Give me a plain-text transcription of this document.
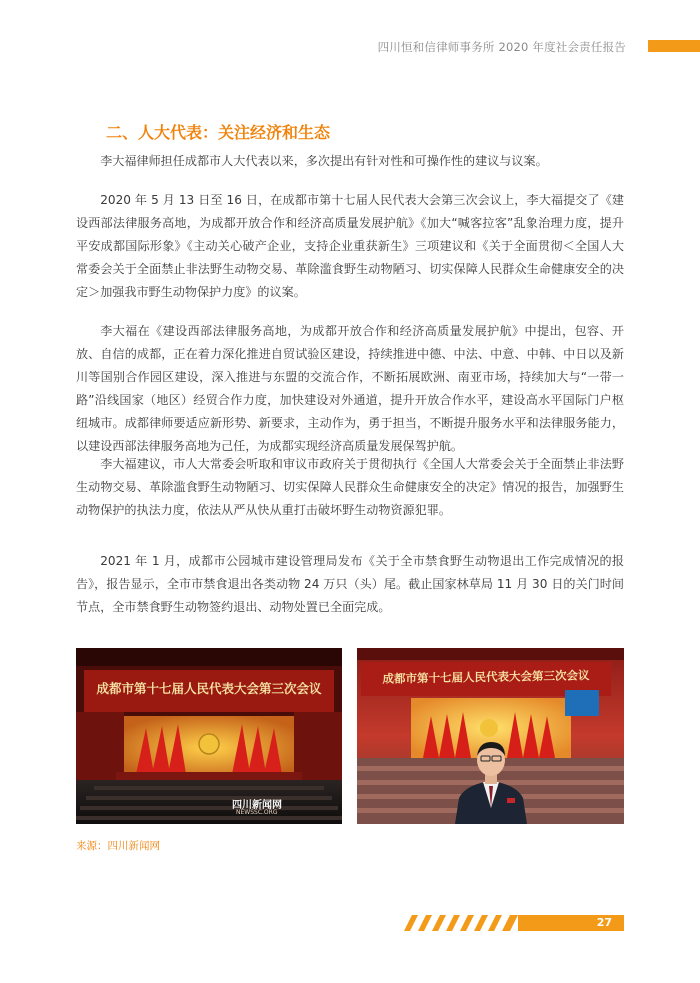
四川恒和信律师事务所 2020 年度社会责任报告
二、人大代表：关注经济和生态

李大福律师担任成都市人大代表以来，多次提出有针对性和可操作性的建议与议案。

2020 年 5 月 13 日至 16 日，在成都市第十七届人民代表大会第三次会议上，李大福提交了《建设西部法律服务高地，为成都开放合作和经济高质量发展护航》《加大“喊客拉客”乱象治理力度，提升平安成都国际形象》《主动关心破产企业，支持企业重获新生》三项建议和《关于全面贯彻＜全国人大常委会关于全面禁止非法野生动物交易、革除滥食野生动物陋习、切实保障人民群众生命健康安全的决定＞加强我市野生动物保护力度》的议案。

李大福在《建设西部法律服务高地，为成都开放合作和经济高质量发展护航》中提出，包容、开放、自信的成都，正在着力深化推进自贸试验区建设，持续推进中德、中法、中意、中韩、中日以及新川等国别合作园区建设，深入推进与东盟的交流合作，不断拓展欧洲、南亚市场，持续加大与“一带一路”沿线国家（地区）经贸合作力度，加快建设对外通道，提升开放合作水平，建设高水平国际门户枢纽城市。成都律师要适应新形势、新要求，主动作为，勇于担当，不断提升服务水平和法律服务能力，以建设西部法律服务高地为己任，为成都实现经济高质量发展保驾护航。

李大福建议，市人大常委会听取和审议市政府关于贯彻执行《全国人大常委会关于全面禁止非法野生动物交易、革除滥食野生动物陋习、切实保障人民群众生命健康安全的决定》情况的报告，加强野生动物保护的执法力度，依法从严从快从重打击破坏野生动物资源犯罪。

2021 年 1 月，成都市公园城市建设管理局发布《关于全市禁食野生动物退出工作完成情况的报告》，报告显示，全市市禁食退出各类动物 24 万只（头）尾。截止国家林草局 11 月 30 日的关门时间节点，全市禁食野生动物签约退出、动物处置已全面完成。

成都市第十七届人民代表大会第三次会议
四川新闻网
NEWSSC.ORG
成都市第十七届人民代表大会第三次会议
来源：四川新闻网
27
